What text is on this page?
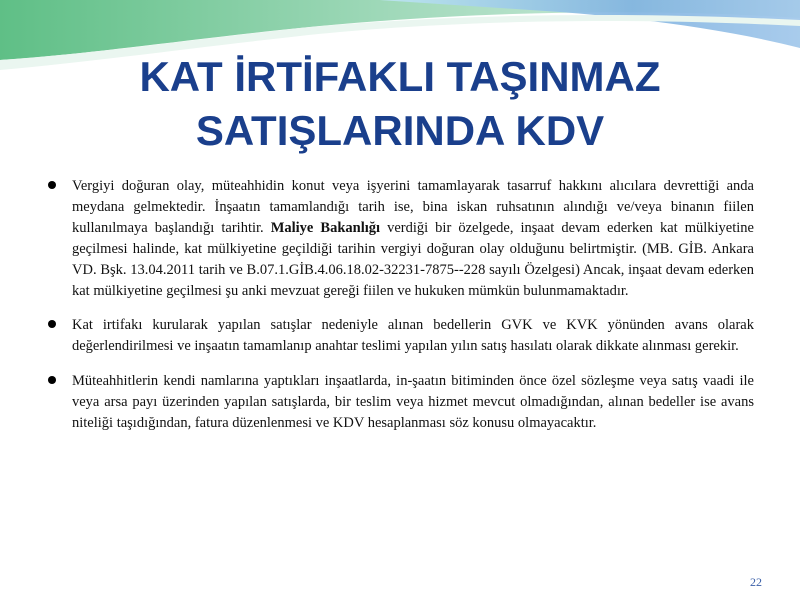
KAT İRTİFAKLI TAŞINMAZ
SATIŞLARINDA KDV

Vergiyi doğuran olay, müteahhidin konut veya işyerini tamamlayarak tasarruf hakkını alıcılara devrettiği anda meydana gelmektedir. İnşaatın tamamlandığı tarih ise, bina iskan ruhsatının alındığı ve/veya binanın fiilen kullanılmaya başlandığı tarihtir. Maliye Bakanlığı verdiği bir özelgede, inşaat devam ederken kat mülkiyetine geçilmesi halinde, kat mülkiyetine geçildiği tarihin vergiyi doğuran olay olduğunu belirtmiştir. (MB. GİB. Ankara VD. Bşk. 13.04.2011 tarih ve B.07.1.GİB.4.06.18.02-32231-7875--228 sayılı Özelgesi) Ancak, inşaat devam ederken kat mülkiyetine geçilmesi şu anki mevzuat gereği fiilen ve hukuken mümkün bulunmamaktadır.

Kat irtifakı kurularak yapılan satışlar nedeniyle alınan bedellerin GVK ve KVK yönünden avans olarak değerlendirilmesi ve inşaatın tamamlanıp anahtar teslimi yapılan yılın satış hasılatı olarak dikkate alınması gerekir.

Müteahhitlerin kendi namlarına yaptıkları inşaatlarda, in-şaatın bitiminden önce özel sözleşme veya satış vaadi ile veya arsa payı üzerinden yapılan satışlarda, bir teslim veya hizmet mevcut olmadığından, alınan bedeller ise avans niteliği taşıdığından, fatura düzenlenmesi ve KDV hesaplanması söz konusu olmayacaktır.

22
